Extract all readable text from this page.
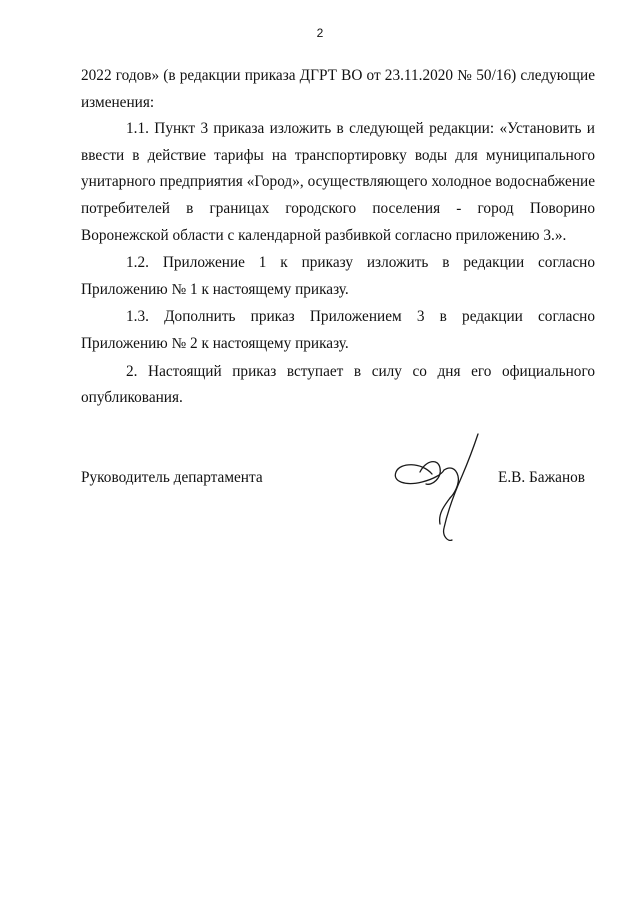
2

2022 годов» (в редакции приказа ДГРТ ВО от 23.11.2020 № 50/16) следующие изменения:

1.1. Пункт 3 приказа изложить в следующей редакции: «Установить и ввести в действие тарифы на транспортировку воды для муниципального унитарного предприятия «Город», осуществляющего холодное водоснабжение потребителей в границах городского поселения - город Поворино Воронежской области с календарной разбивкой согласно приложению 3.».

1.2. Приложение 1 к приказу изложить в редакции согласно Приложению № 1 к настоящему приказу.

1.3. Дополнить приказ Приложением 3 в редакции согласно Приложению № 2 к настоящему приказу.

2. Настоящий приказ вступает в силу со дня его официального опубликования.

Руководитель департамента	Е.В. Бажанов
